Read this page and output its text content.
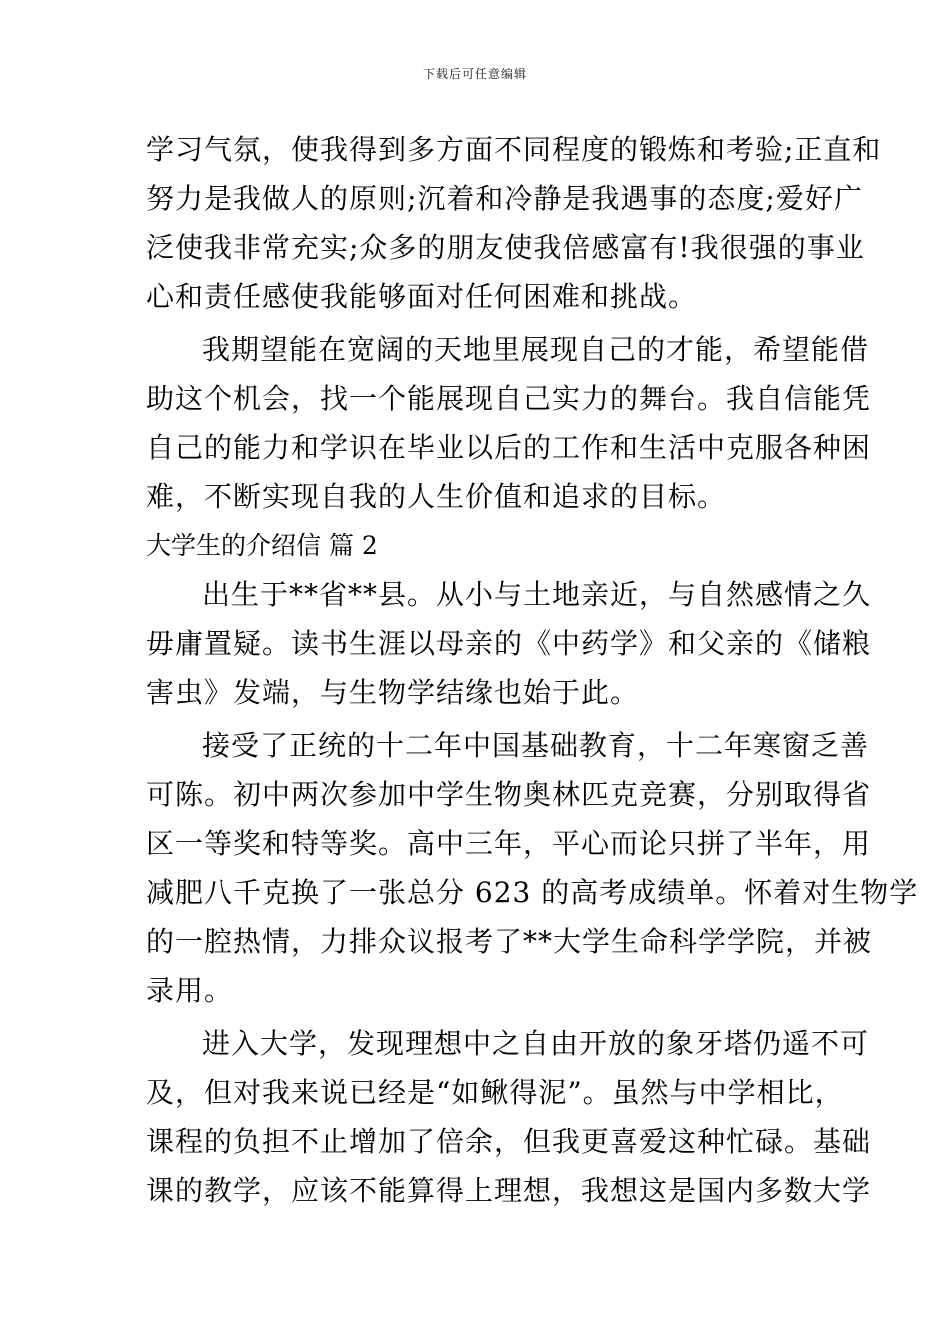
下载后可任意编辑
学习气氛，使我得到多方面不同程度的锻炼和考验;正直和
努力是我做人的原则;沉着和冷静是我遇事的态度;爱好广
泛使我非常充实;众多的朋友使我倍感富有!我很强的事业
心和责任感使我能够面对任何困难和挑战。
我期望能在宽阔的天地里展现自己的才能，希望能借
助这个机会，找一个能展现自己实力的舞台。我自信能凭
自己的能力和学识在毕业以后的工作和生活中克服各种困
难，不断实现自我的人生价值和追求的目标。
大学生的介绍信 篇 2
出生于**省**县。从小与土地亲近，与自然感情之久
毋庸置疑。读书生涯以母亲的《中药学》和父亲的《储粮
害虫》发端，与生物学结缘也始于此。
接受了正统的十二年中国基础教育，十二年寒窗乏善
可陈。初中两次参加中学生物奥林匹克竞赛，分别取得省
区一等奖和特等奖。高中三年，平心而论只拼了半年，用
减肥八千克换了一张总分 623 的高考成绩单。怀着对生物学
的一腔热情，力排众议报考了**大学生命科学学院，并被
录用。
进入大学，发现理想中之自由开放的象牙塔仍遥不可
及，但对我来说已经是“如鳅得泥”。虽然与中学相比，
课程的负担不止增加了倍余，但我更喜爱这种忙碌。基础
课的教学，应该不能算得上理想，我想这是国内多数大学
